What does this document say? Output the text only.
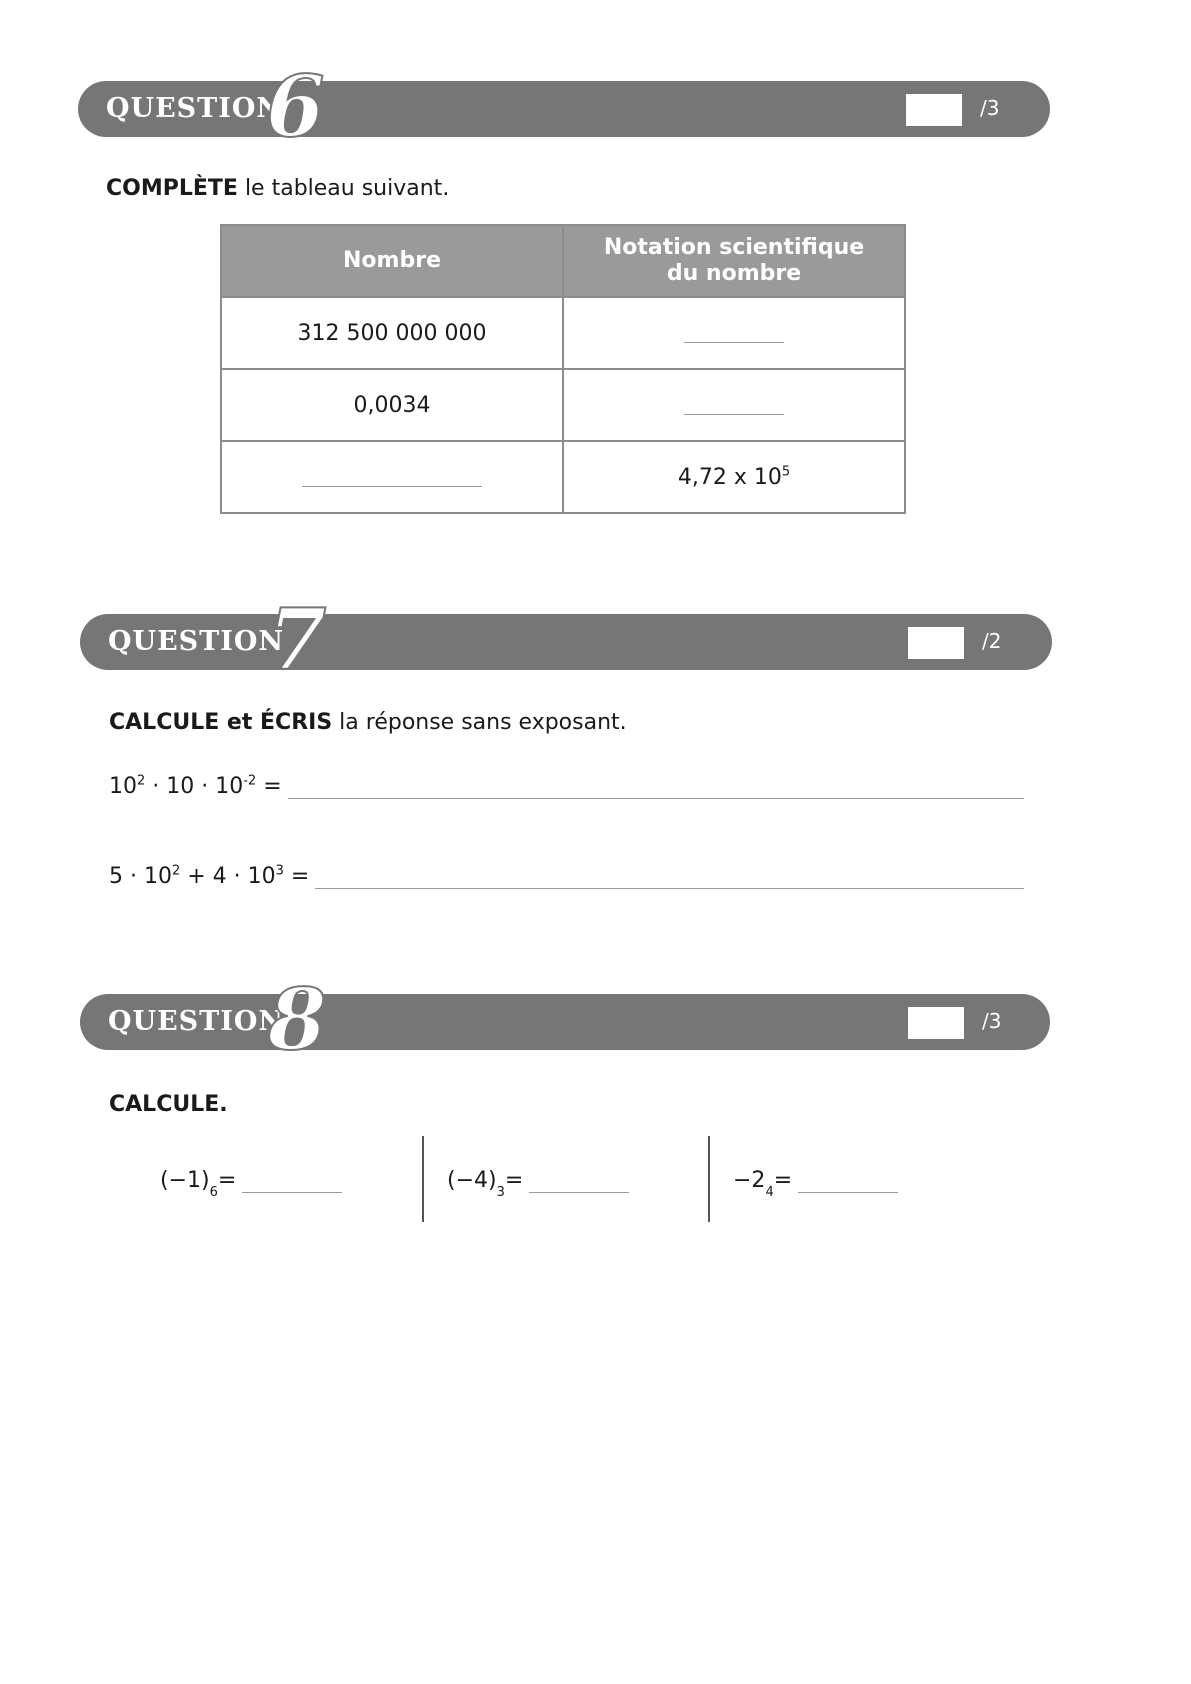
QUESTION
6	/3
COMPLÈTE le tableau suivant.
Nombre	Notation scientifique
du nombre
312 500 000 000	
0,0034	
	4,72 x $10^5$
QUESTION
7	/2
CALCULE et ÉCRIS la réponse sans exposant.
$10^2 \cdot 10 \cdot 10^{-2}$ =
$5 \cdot 10^2 + 4 \cdot 10^3$ =
QUESTION
8	/3
CALCULE.
(−1) 6 =	(−4) 3 =	−2 4 =
